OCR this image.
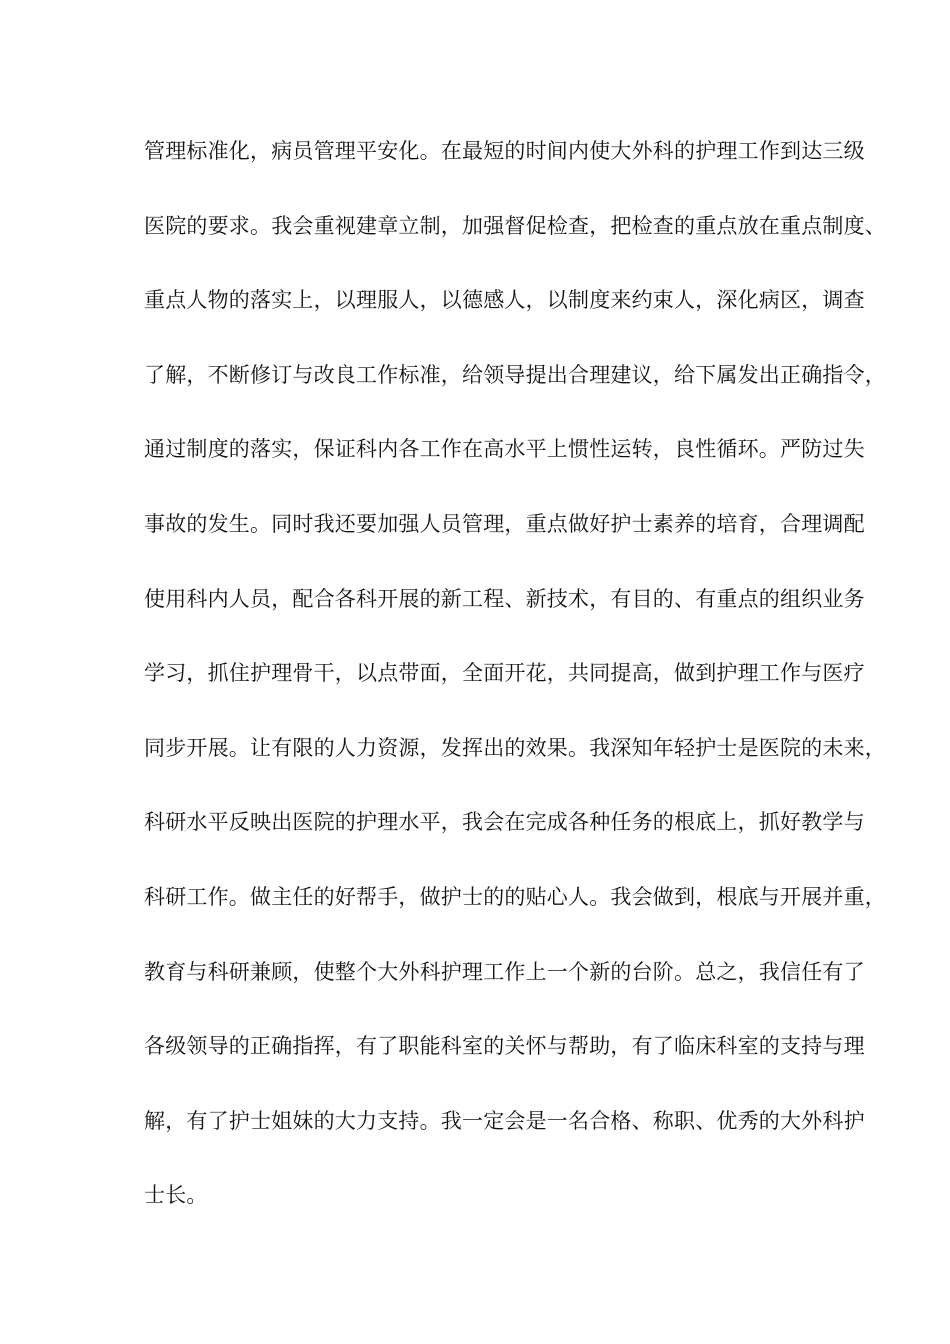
管理标准化，病员管理平安化。在最短的时间内使大外科的护理工作到达三级
医院的要求。我会重视建章立制，加强督促检查，把检查的重点放在重点制度、
重点人物的落实上，以理服人，以德感人，以制度来约束人，深化病区，调查
了解，不断修订与改良工作标准，给领导提出合理建议，给下属发出正确指令，
通过制度的落实，保证科内各工作在高水平上惯性运转，良性循环。严防过失
事故的发生。同时我还要加强人员管理，重点做好护士素养的培育，合理调配
使用科内人员，配合各科开展的新工程、新技术，有目的、有重点的组织业务
学习，抓住护理骨干，以点带面，全面开花，共同提高，做到护理工作与医疗
同步开展。让有限的人力资源，发挥出的效果。我深知年轻护士是医院的未来，
科研水平反映出医院的护理水平，我会在完成各种任务的根底上，抓好教学与
科研工作。做主任的好帮手，做护士的的贴心人。我会做到，根底与开展并重，
教育与科研兼顾，使整个大外科护理工作上一个新的台阶。总之，我信任有了
各级领导的正确指挥，有了职能科室的关怀与帮助，有了临床科室的支持与理
解，有了护士姐妹的大力支持。我一定会是一名合格、称职、优秀的大外科护
士长。
